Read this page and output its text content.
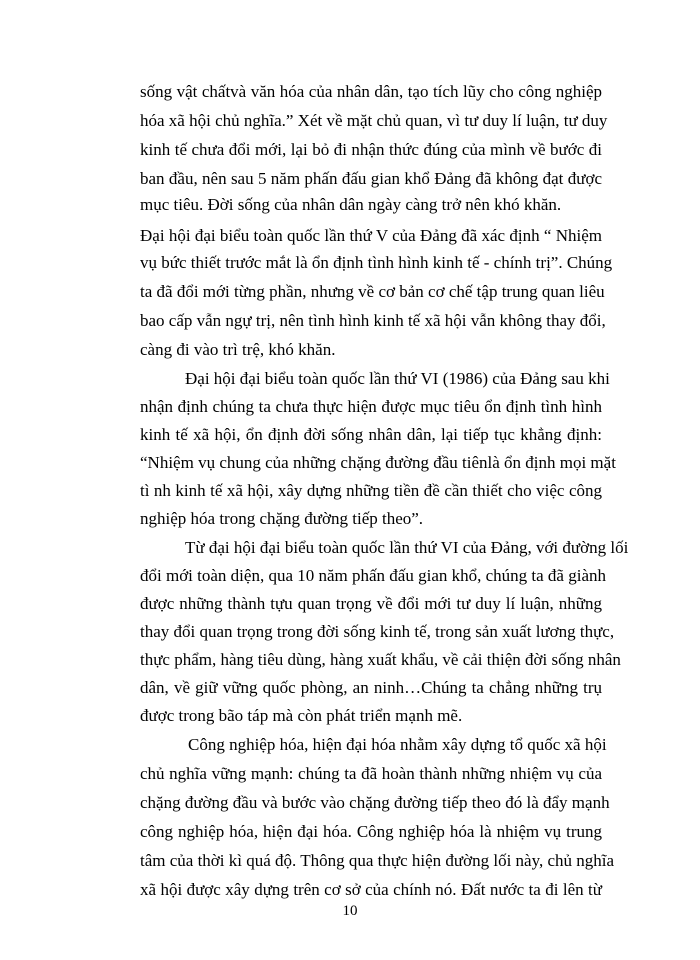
sống vật chấtvà văn hóa của nhân dân, tạo tích lũy cho công nghiệp
hóa xã hội chủ nghĩa.” Xét về mặt chủ quan, vì tư duy lí luận, tư duy
kinh tế chưa đổi mới, lại bỏ đi nhận thức đúng của mình về bước đi
ban đầu, nên sau 5 năm phấn đấu gian khổ Đảng đã không đạt được
mục tiêu. Đời sống của nhân dân ngày càng trở nên khó khăn.
Đại hội đại biểu toàn quốc lần thứ V của Đảng đã xác định “ Nhiệm
vụ bức thiết trước mắt là ổn định tình hình kinh tế - chính trị”. Chúng
ta đã đổi mới từng phần, nhưng về cơ bản cơ chế tập trung quan liêu
bao cấp vẫn ngự trị, nên tình hình kinh tế xã hội vẫn không thay đổi,
càng đi vào trì trệ, khó khăn.
Đại hội đại biểu toàn quốc lần thứ VI (1986) của Đảng sau khi
nhận định chúng ta chưa thực hiện được mục tiêu ổn định tình hình
kinh tế xã hội, ổn định đời sống nhân dân, lại tiếp tục khẳng định:
“Nhiệm vụ chung của những chặng đường đầu tiênlà ổn định mọi mặt
tì nh kinh tế xã hội, xây dựng những tiền đề cần thiết cho việc công
nghiệp hóa trong chặng đường tiếp theo”.
Từ đại hội đại biểu toàn quốc lần thứ VI của Đảng, với đường lối
đổi mới toàn diện, qua 10 năm phấn đấu gian khổ, chúng ta đã giành
được những thành tựu quan trọng về đổi mới tư duy lí luận, những
thay đổi quan trọng trong đời sống kinh tế, trong sản xuất lương thực,
thực phẩm, hàng tiêu dùng, hàng xuất khẩu, về cải thiện đời sống nhân
dân, về giữ vững quốc phòng, an ninh…Chúng ta chẳng những trụ
được trong bão táp mà còn phát triển mạnh mẽ.
Công nghiệp hóa, hiện đại hóa nhằm xây dựng tổ quốc xã hội
chủ nghĩa vững mạnh: chúng ta đã hoàn thành những nhiệm vụ của
chặng đường đầu và bước vào chặng đường tiếp theo đó là đẩy mạnh
công nghiệp hóa, hiện đại hóa. Công nghiệp hóa là nhiệm vụ trung
tâm của thời kì quá độ. Thông qua thực hiện đường lối này, chủ nghĩa
xã hội được xây dựng trên cơ sở của chính nó. Đất nước ta đi lên từ
10
